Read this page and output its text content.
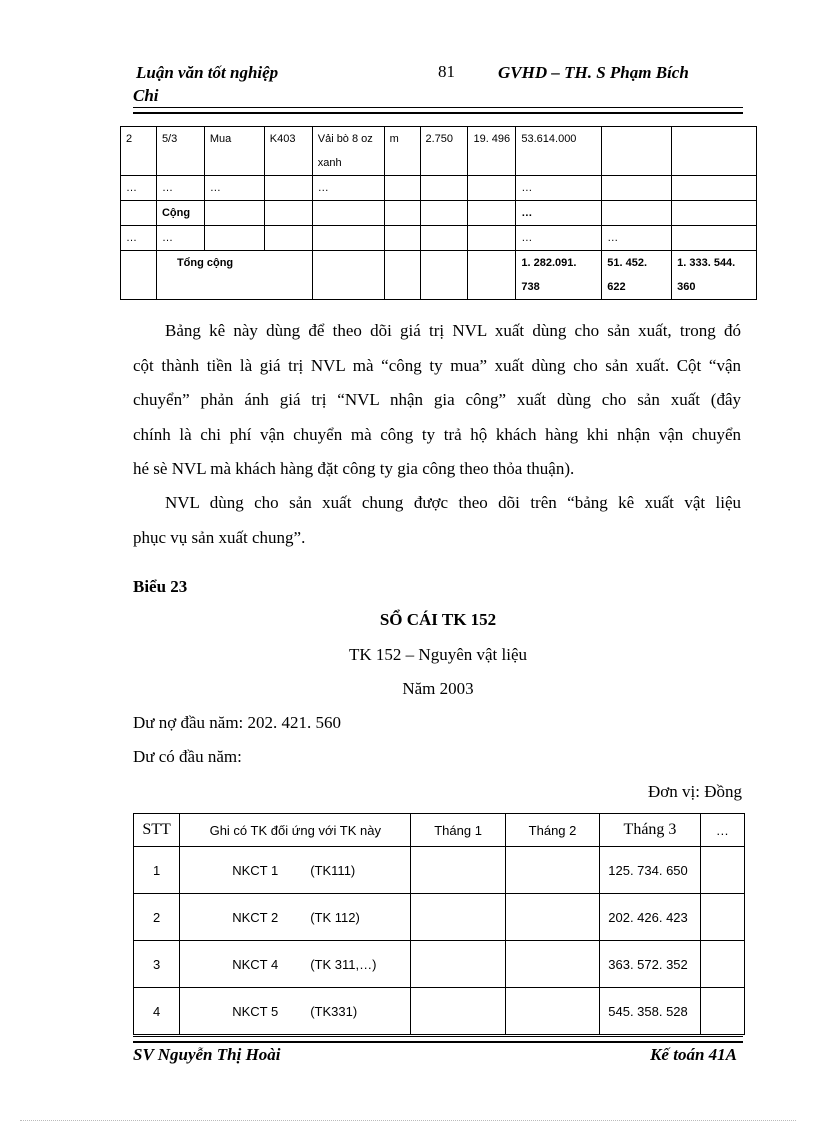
Luận văn tốt nghiệp	81	GVHD – TH. S Phạm Bích
Chi
2	5/3	Mua	K403	Vải bò 8 oz xanh	m	2.750	19. 496	53.614.000		
…	…	…		…				…		
	Cộng							…		
…	…							…	…	
	Tổng cộng							1. 282.091. 738	51. 452. 622	1. 333. 544. 360
Bảng kê này dùng để theo dõi giá trị NVL xuất dùng cho sản xuất, trong đó
cột thành tiền là giá trị NVL mà “công ty mua” xuất dùng cho sản xuất. Cột “vận
chuyển” phản ánh giá trị “NVL nhận gia công” xuất dùng cho sản xuất (đây
chính là chi phí vận chuyển mà công ty trả hộ khách hàng khi nhận vận chuyển
hé sè NVL mà khách hàng đặt công ty gia công theo thỏa thuận).
NVL dùng cho sản xuất chung được theo dõi trên “bảng kê xuất vật liệu
phục vụ sản xuất chung”.
Biểu 23
SỔ CÁI TK 152
TK 152 – Nguyên vật liệu
Năm 2003
Dư nợ đầu năm: 202. 421. 560
Dư có đầu năm:
Đơn vị: Đồng
STT	Ghi có TK đối ứng với TK này	Tháng 1	Tháng 2	Tháng 3	…
1	NKCT 1 (TK111)			125. 734. 650	
2	NKCT 2 (TK 112)			202. 426. 423	
3	NKCT 4 (TK 311,…)			363. 572. 352	
4	NKCT 5 (TK331)			545. 358. 528	
SV Nguyễn Thị Hoài	Kế toán 41A
